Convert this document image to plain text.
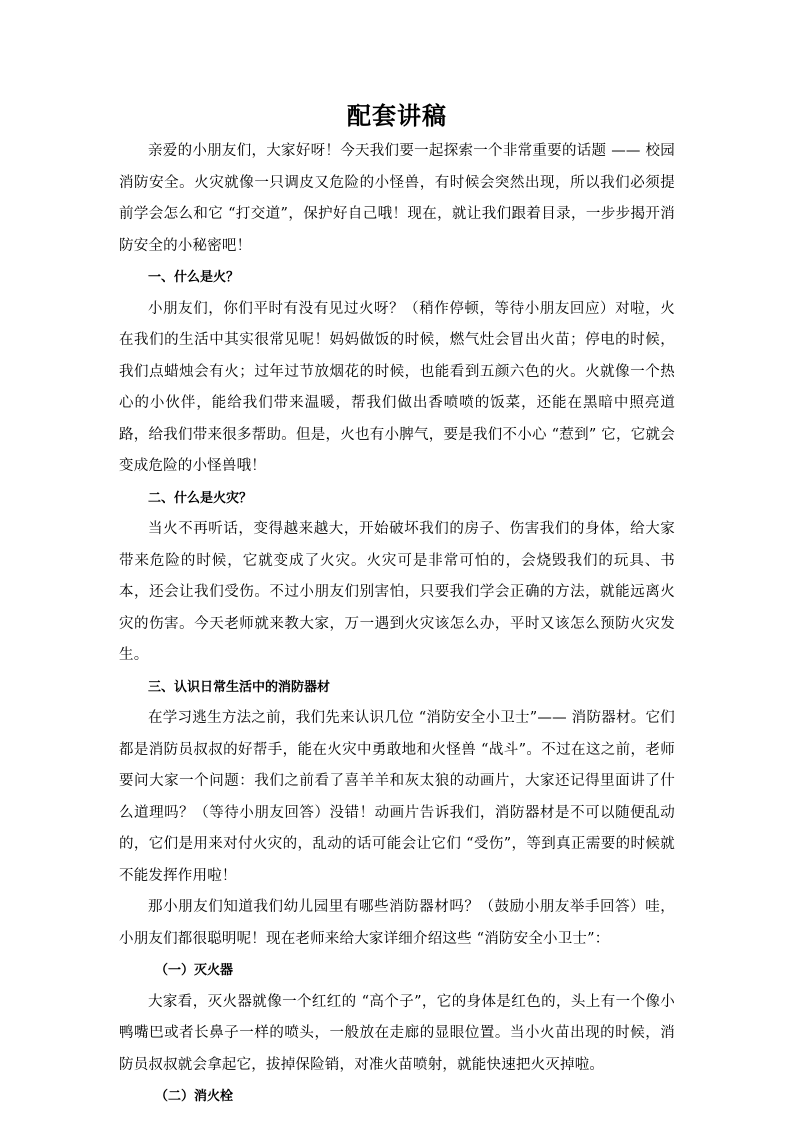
配套讲稿

亲爱的小朋友们，大家好呀！今天我们要一起探索一个非常重要的话题 —— 校园消防安全。火灾就像一只调皮又危险的小怪兽，有时候会突然出现，所以我们必须提前学会怎么和它 “打交道”，保护好自己哦！现在，就让我们跟着目录，一步步揭开消防安全的小秘密吧！

一、什么是火？

小朋友们，你们平时有没有见过火呀？（稍作停顿，等待小朋友回应）对啦，火在我们的生活中其实很常见呢！妈妈做饭的时候，燃气灶会冒出火苗；停电的时候，我们点蜡烛会有火；过年过节放烟花的时候，也能看到五颜六色的火。火就像一个热心的小伙伴，能给我们带来温暖，帮我们做出香喷喷的饭菜，还能在黑暗中照亮道路，给我们带来很多帮助。但是，火也有小脾气，要是我们不小心 “惹到” 它，它就会变成危险的小怪兽哦！

二、什么是火灾？

当火不再听话，变得越来越大，开始破坏我们的房子、伤害我们的身体，给大家带来危险的时候，它就变成了火灾。火灾可是非常可怕的，会烧毁我们的玩具、书本，还会让我们受伤。不过小朋友们别害怕，只要我们学会正确的方法，就能远离火灾的伤害。今天老师就来教大家，万一遇到火灾该怎么办，平时又该怎么预防火灾发生。

三、认识日常生活中的消防器材

在学习逃生方法之前，我们先来认识几位 “消防安全小卫士”—— 消防器材。它们都是消防员叔叔的好帮手，能在火灾中勇敢地和火怪兽 “战斗”。不过在这之前，老师要问大家一个问题：我们之前看了喜羊羊和灰太狼的动画片，大家还记得里面讲了什么道理吗？（等待小朋友回答）没错！动画片告诉我们，消防器材是不可以随便乱动的，它们是用来对付火灾的，乱动的话可能会让它们 “受伤”，等到真正需要的时候就不能发挥作用啦！

那小朋友们知道我们幼儿园里有哪些消防器材吗？（鼓励小朋友举手回答）哇，小朋友们都很聪明呢！现在老师来给大家详细介绍这些 “消防安全小卫士”：

（一）灭火器

大家看，灭火器就像一个红红的 “高个子”，它的身体是红色的，头上有一个像小鸭嘴巴或者长鼻子一样的喷头，一般放在走廊的显眼位置。当小火苗出现的时候，消防员叔叔就会拿起它，拔掉保险销，对准火苗喷射，就能快速把火灭掉啦。

（二）消火栓
